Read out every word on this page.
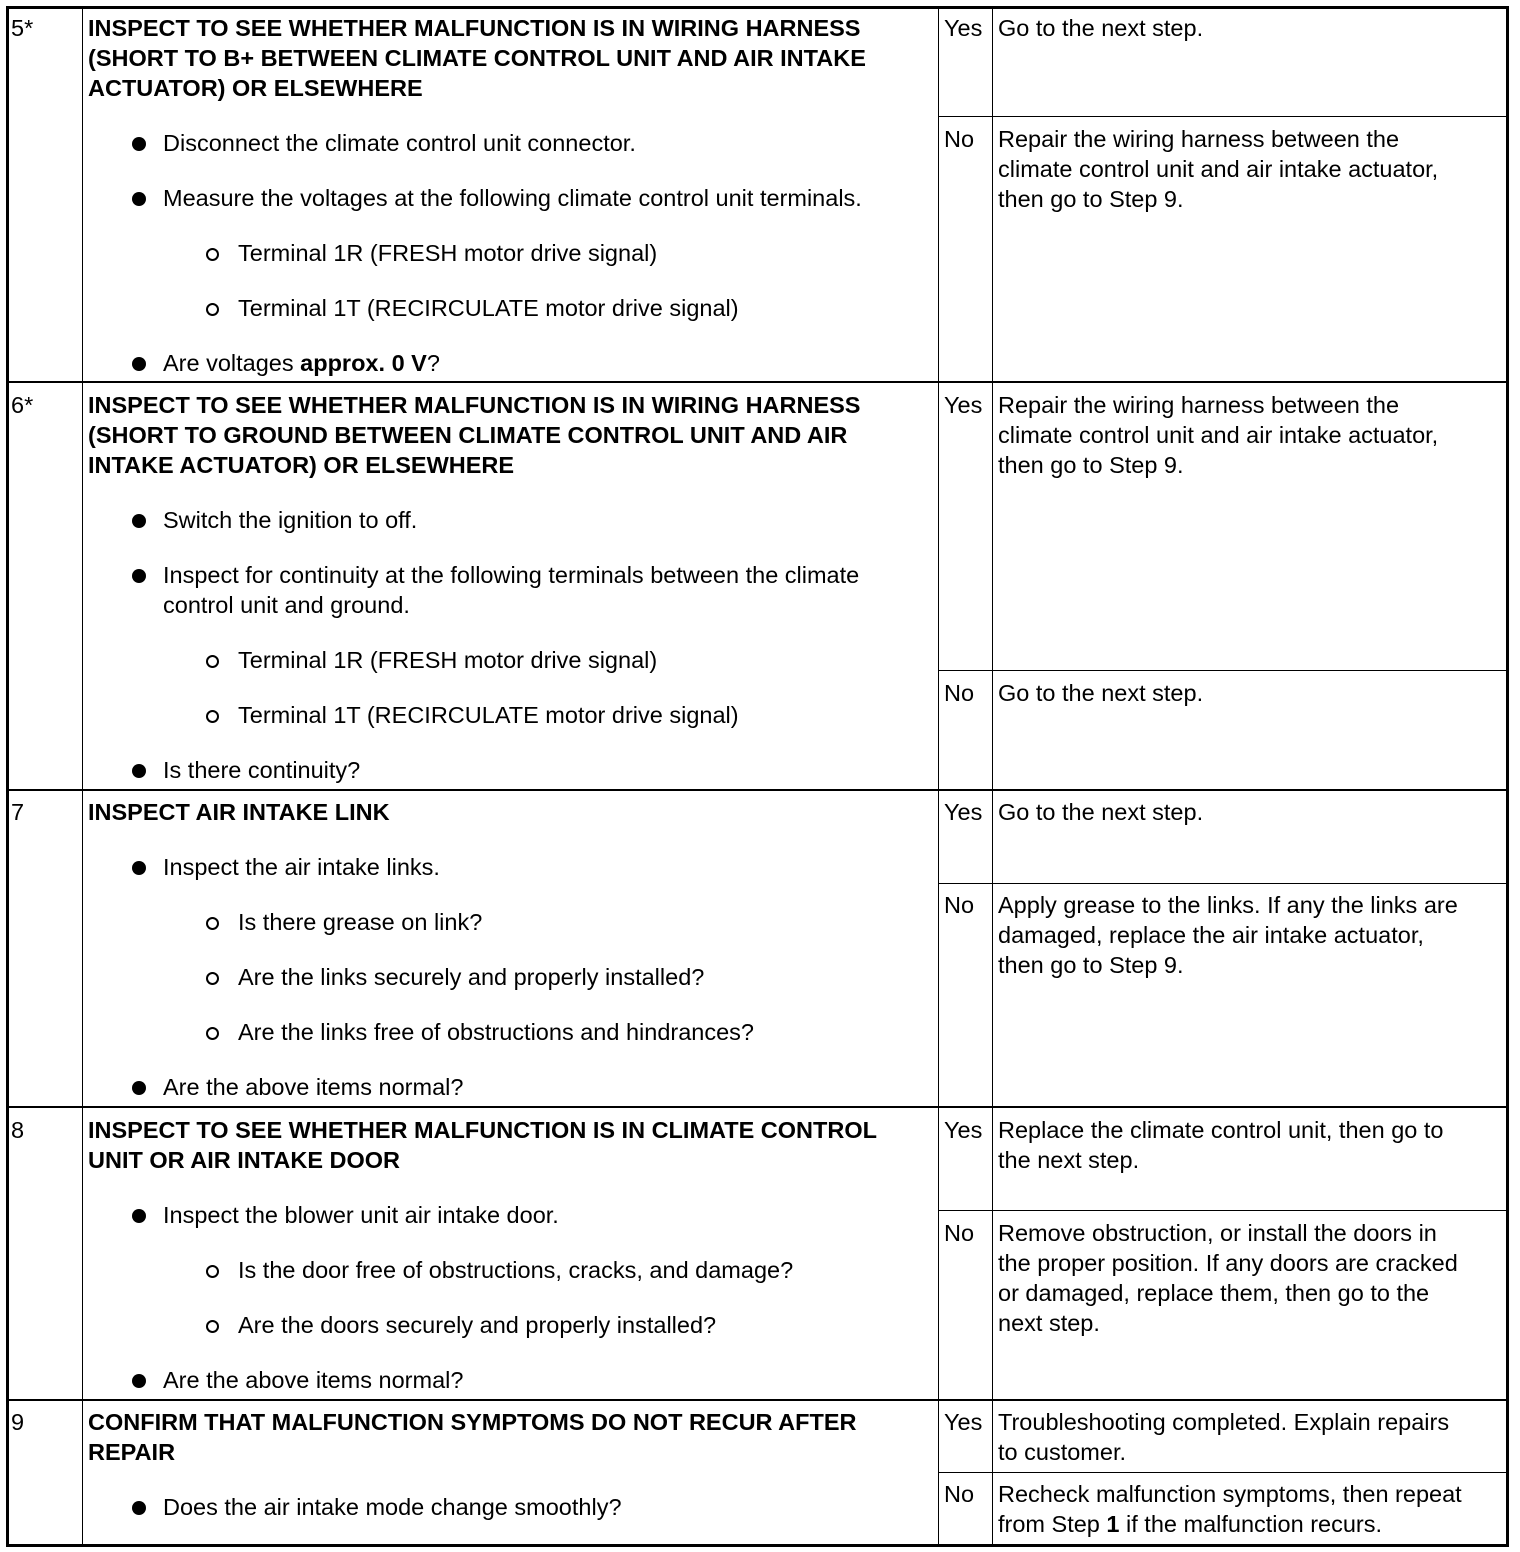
5* INSPECT TO SEE WHETHER MALFUNCTION IS IN WIRING HARNESS
(SHORT TO B+ BETWEEN CLIMATE CONTROL UNIT AND AIR INTAKE
ACTUATOR) OR ELSEWHERE
Disconnect the climate control unit connector.
Measure the voltages at the following climate control unit terminals.
Terminal 1R (FRESH motor drive signal)
Terminal 1T (RECIRCULATE motor drive signal)
Are voltages approx. 0 V?
Yes Go to the next step.
No Repair the wiring harness between the
climate control unit and air intake actuator,
then go to Step 9.
6* INSPECT TO SEE WHETHER MALFUNCTION IS IN WIRING HARNESS
(SHORT TO GROUND BETWEEN CLIMATE CONTROL UNIT AND AIR
INTAKE ACTUATOR) OR ELSEWHERE
Switch the ignition to off.
Inspect for continuity at the following terminals between the climate
control unit and ground.
Terminal 1R (FRESH motor drive signal)
Terminal 1T (RECIRCULATE motor drive signal)
Is there continuity?
Yes Repair the wiring harness between the
climate control unit and air intake actuator,
then go to Step 9.
No Go to the next step.
7	INSPECT AIR INTAKE LINK
Inspect the air intake links.
Is there grease on link?
Are the links securely and properly installed?
Are the links free of obstructions and hindrances?
Are the above items normal?
Yes Go to the next step.
No Apply grease to the links. If any the links are
damaged, replace the air intake actuator,
then go to Step 9.
8	INSPECT TO SEE WHETHER MALFUNCTION IS IN CLIMATE CONTROL
UNIT OR AIR INTAKE DOOR
Inspect the blower unit air intake door.
Is the door free of obstructions, cracks, and damage?
Are the doors securely and properly installed?
Are the above items normal?
Yes Replace the climate control unit, then go to
the next step.
No Remove obstruction, or install the doors in
the proper position. If any doors are cracked
or damaged, replace them, then go to the
next step.
9	CONFIRM THAT MALFUNCTION SYMPTOMS DO NOT RECUR AFTER
REPAIR
Does the air intake mode change smoothly?
Yes Troubleshooting completed. Explain repairs
to customer.
No Recheck malfunction symptoms, then repeat
from Step 1 if the malfunction recurs.
